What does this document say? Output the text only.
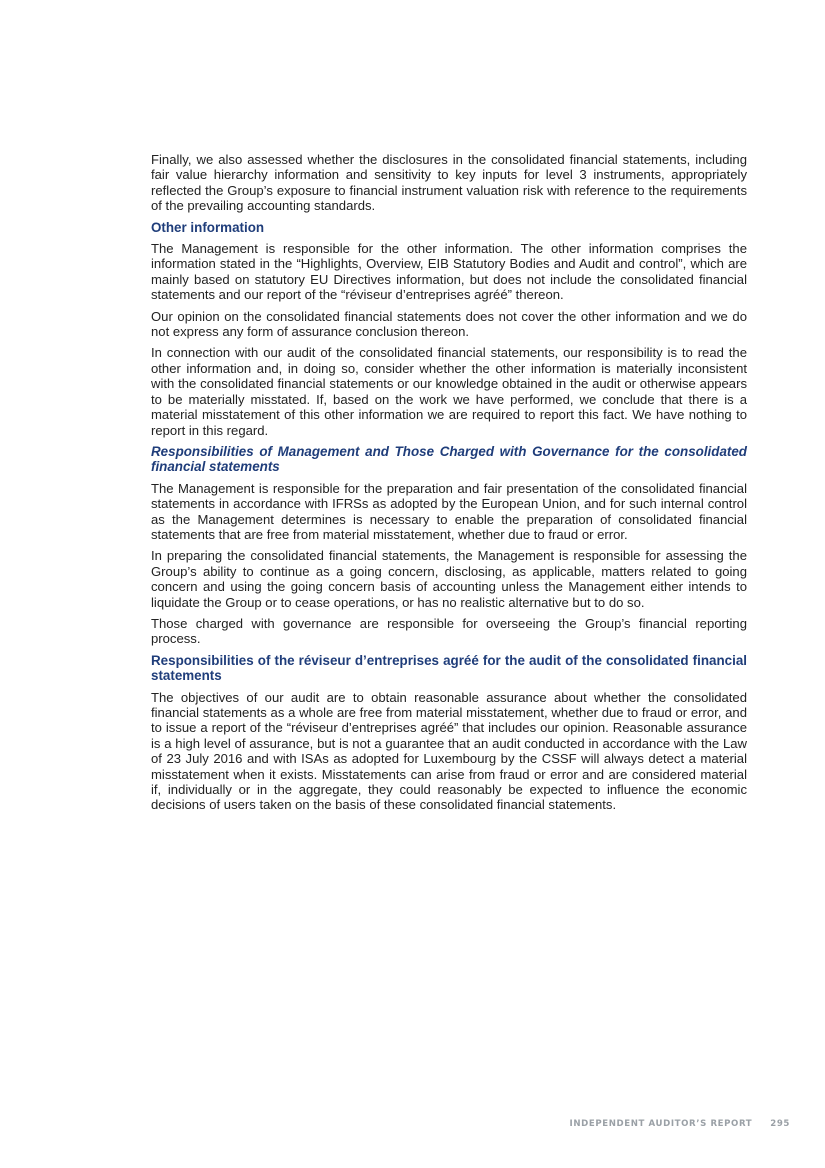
Finally, we also assessed whether the disclosures in the consolidated financial statements, including fair value hierarchy information and sensitivity to key inputs for level 3 instruments, appropriately reflected the Group’s exposure to financial instrument valuation risk with reference to the requirements of the prevailing accounting standards.

Other information

The Management is responsible for the other information. The other information comprises the information stated in the “Highlights, Overview, EIB Statutory Bodies and Audit and control”, which are mainly based on statutory EU Directives information, but does not include the consolidated financial statements and our report of the “réviseur d’entreprises agréé” thereon.

Our opinion on the consolidated financial statements does not cover the other information and we do not express any form of assurance conclusion thereon.

In connection with our audit of the consolidated financial statements, our responsibility is to read the other information and, in doing so, consider whether the other information is materially inconsistent with the consolidated financial statements or our knowledge obtained in the audit or otherwise appears to be materially misstated. If, based on the work we have performed, we conclude that there is a material misstatement of this other information we are required to report this fact. We have nothing to report in this regard.

Responsibilities of Management and Those Charged with Governance for the consolidated financial statements

The Management is responsible for the preparation and fair presentation of the consolidated financial statements in accordance with IFRSs as adopted by the European Union, and for such internal control as the Management determines is necessary to enable the preparation of consolidated financial statements that are free from material misstatement, whether due to fraud or error.

In preparing the consolidated financial statements, the Management is responsible for assessing the Group’s ability to continue as a going concern, disclosing, as applicable, matters related to going concern and using the going concern basis of accounting unless the Management either intends to liquidate the Group or to cease operations, or has no realistic alternative but to do so.

Those charged with governance are responsible for overseeing the Group’s financial reporting process.

Responsibilities of the réviseur d’entreprises agréé for the audit of the consolidated financial statements

The objectives of our audit are to obtain reasonable assurance about whether the consolidated financial statements as a whole are free from material misstatement, whether due to fraud or error, and to issue a report of the “réviseur d’entreprises agréé” that includes our opinion. Reasonable assurance is a high level of assurance, but is not a guarantee that an audit conducted in accordance with the Law of 23 July 2016 and with ISAs as adopted for Luxembourg by the CSSF will always detect a material misstatement when it exists. Misstatements can arise from fraud or error and are considered material if, individually or in the aggregate, they could reasonably be expected to influence the economic decisions of users taken on the basis of these consolidated financial statements.

INDEPENDENT AUDITOR’S REPORT 295
